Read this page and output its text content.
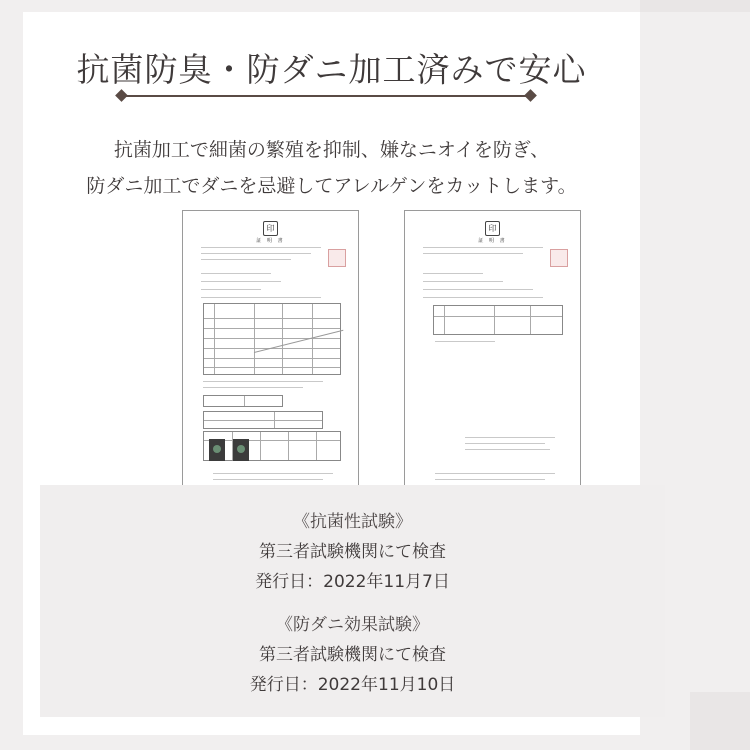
抗菌防臭・防ダニ加工済みで安心

抗菌加工で細菌の繁殖を抑制、嫌なニオイを防ぎ、

防ダニ加工でダニを忌避してアレルゲンをカットします。

印
証 明 書
印
証 明 書
《抗菌性試験》
第三者試験機関にて検査
発行日：2022年11月7日
《防ダニ効果試験》
第三者試験機関にて検査
発行日：2022年11月10日
